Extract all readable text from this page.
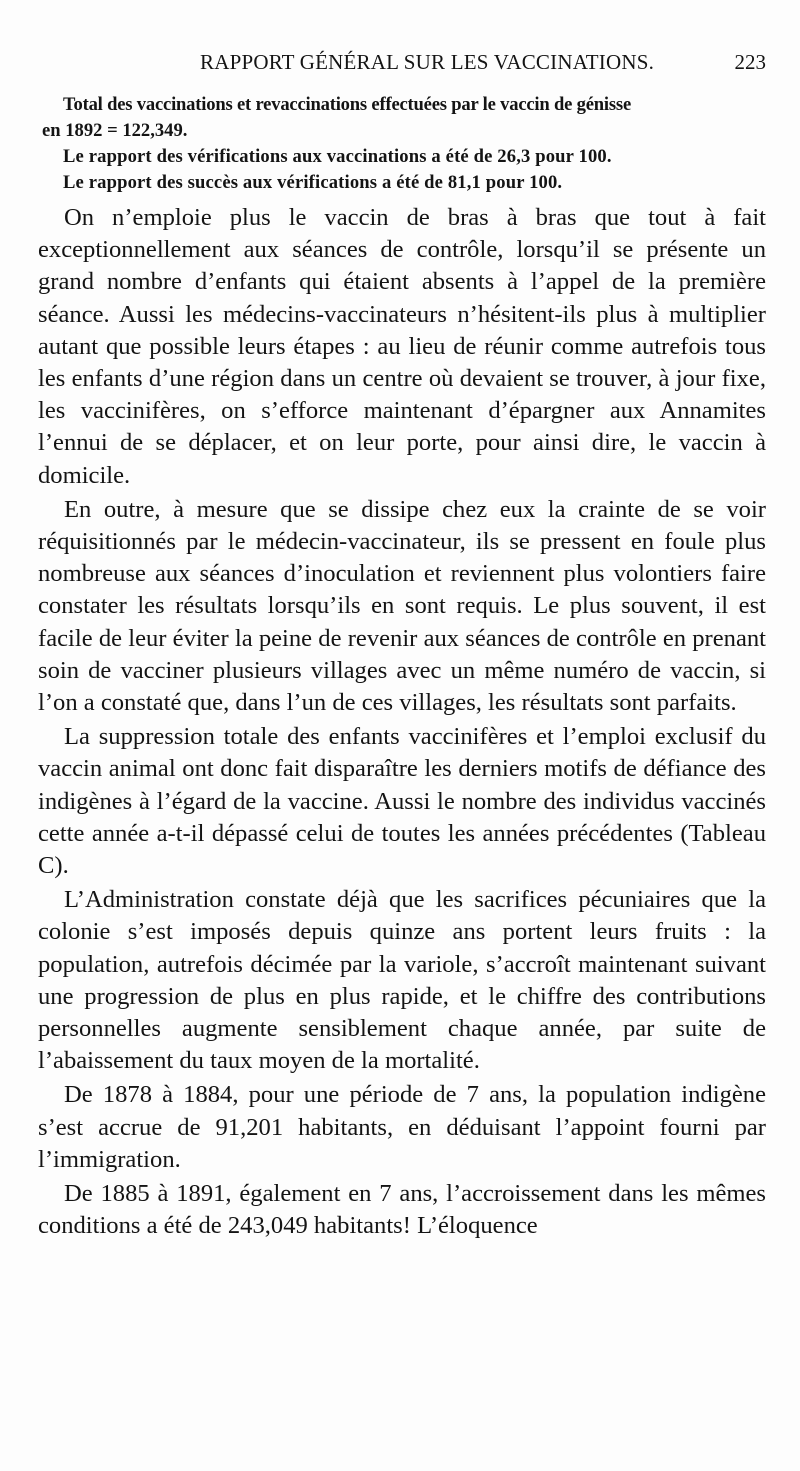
RAPPORT GÉNÉRAL SUR LES VACCINATIONS.	223

Total des vaccinations et revaccinations effectuées par le vaccin de génisse

en 1892 = 122,349.

Le rapport des vérifications aux vaccinations a été de 26,3 pour 100.

Le rapport des succès aux vérifications a été de 81,1 pour 100.

On n’emploie plus le vaccin de bras à bras que tout à fait exceptionnellement aux séances de contrôle, lorsqu’il se présente un grand nombre d’enfants qui étaient absents à l’appel de la première séance. Aussi les médecins-vaccinateurs n’hésitent-ils plus à multiplier autant que possible leurs étapes : au lieu de réunir comme autrefois tous les enfants d’une région dans un centre où devaient se trouver, à jour fixe, les vaccinifères, on s’efforce maintenant d’épargner aux Annamites l’ennui de se déplacer, et on leur porte, pour ainsi dire, le vaccin à domicile.

En outre, à mesure que se dissipe chez eux la crainte de se voir réquisitionnés par le médecin-vaccinateur, ils se pressent en foule plus nombreuse aux séances d’inoculation et reviennent plus volontiers faire constater les résultats lorsqu’ils en sont requis. Le plus souvent, il est facile de leur éviter la peine de revenir aux séances de contrôle en prenant soin de vacciner plusieurs villages avec un même numéro de vaccin, si l’on a constaté que, dans l’un de ces villages, les résultats sont parfaits.

La suppression totale des enfants vaccinifères et l’emploi exclusif du vaccin animal ont donc fait disparaître les derniers motifs de défiance des indigènes à l’égard de la vaccine. Aussi le nombre des individus vaccinés cette année a-t-il dépassé celui de toutes les années précédentes (Tableau C).

L’Administration constate déjà que les sacrifices pécuniaires que la colonie s’est imposés depuis quinze ans portent leurs fruits : la population, autrefois décimée par la variole, s’accroît maintenant suivant une progression de plus en plus rapide, et le chiffre des contributions personnelles augmente sensiblement chaque année, par suite de l’abaissement du taux moyen de la mortalité.

De 1878 à 1884, pour une période de 7 ans, la population indigène s’est accrue de 91,201 habitants, en déduisant l’appoint fourni par l’immigration.

De 1885 à 1891, également en 7 ans, l’accroissement dans les mêmes conditions a été de 243,049 habitants! L’éloquence
